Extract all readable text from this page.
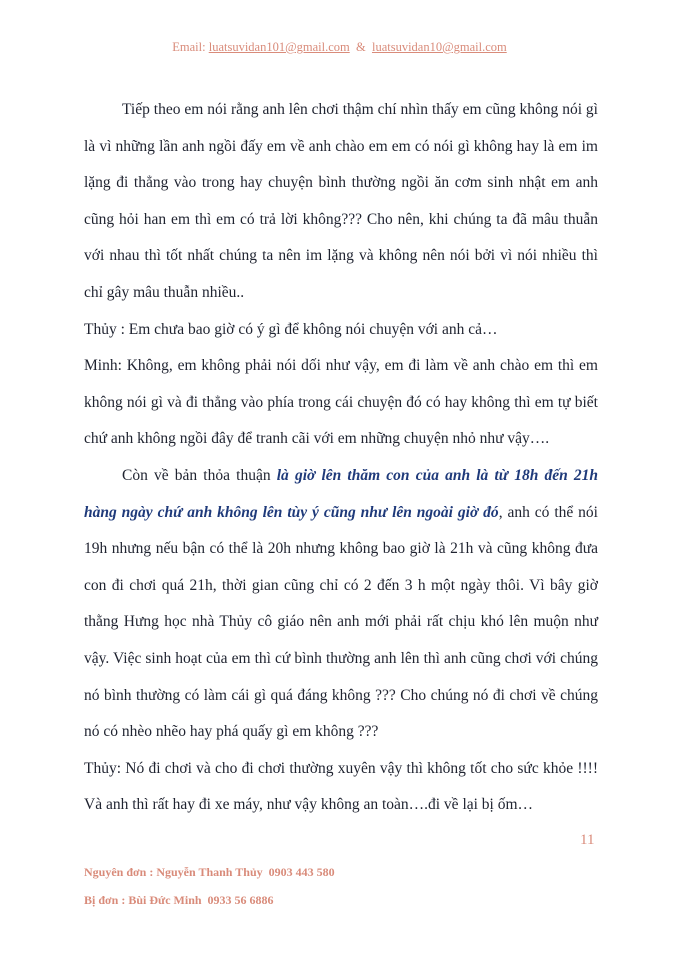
Email: luatsuvidan101@gmail.com & luatsuvidan10@gmail.com

Tiếp theo em nói rằng anh lên chơi thậm chí nhìn thấy em cũng không nói gì là vì những lần anh ngồi đấy em về anh chào em em có nói gì không hay là em im lặng đi thẳng vào trong hay chuyện bình thường ngồi ăn cơm sinh nhật em anh cũng hỏi han em thì em có trả lời không??? Cho nên, khi chúng ta đã mâu thuẫn với nhau thì tốt nhất chúng ta nên im lặng và không nên nói bởi vì nói nhiều thì chỉ gây mâu thuẫn nhiều..

Thủy : Em chưa bao giờ có ý gì để không nói chuyện với anh cả…

Minh: Không, em không phải nói dối như vậy, em đi làm về anh chào em thì em không nói gì và đi thẳng vào phía trong cái chuyện đó có hay không thì em tự biết chứ anh không ngồi đây để tranh cãi với em những chuyện nhỏ như vậy….

Còn về bản thỏa thuận là giờ lên thăm con của anh là từ 18h đến 21h hàng ngày chứ anh không lên tùy ý cũng như lên ngoài giờ đó, anh có thể nói 19h nhưng nếu bận có thể là 20h nhưng không bao giờ là 21h và cũng không đưa con đi chơi quá 21h, thời gian cũng chỉ có 2 đến 3 h một ngày thôi. Vì bây giờ thằng Hưng học nhà Thủy cô giáo nên anh mới phải rất chịu khó lên muộn như vậy. Việc sinh hoạt của em thì cứ bình thường anh lên thì anh cũng chơi với chúng nó bình thường có làm cái gì quá đáng không ??? Cho chúng nó đi chơi về chúng nó có nhèo nhẽo hay phá quấy gì em không ???

Thủy: Nó đi chơi và cho đi chơi thường xuyên vậy thì không tốt cho sức khỏe !!!! Và anh thì rất hay đi xe máy, như vậy không an toàn….đi về lại bị ốm…

11
Nguyên đơn : Nguyễn Thanh Thủy 0903 443 580
Bị đơn : Bùi Đức Minh 0933 56 6886
